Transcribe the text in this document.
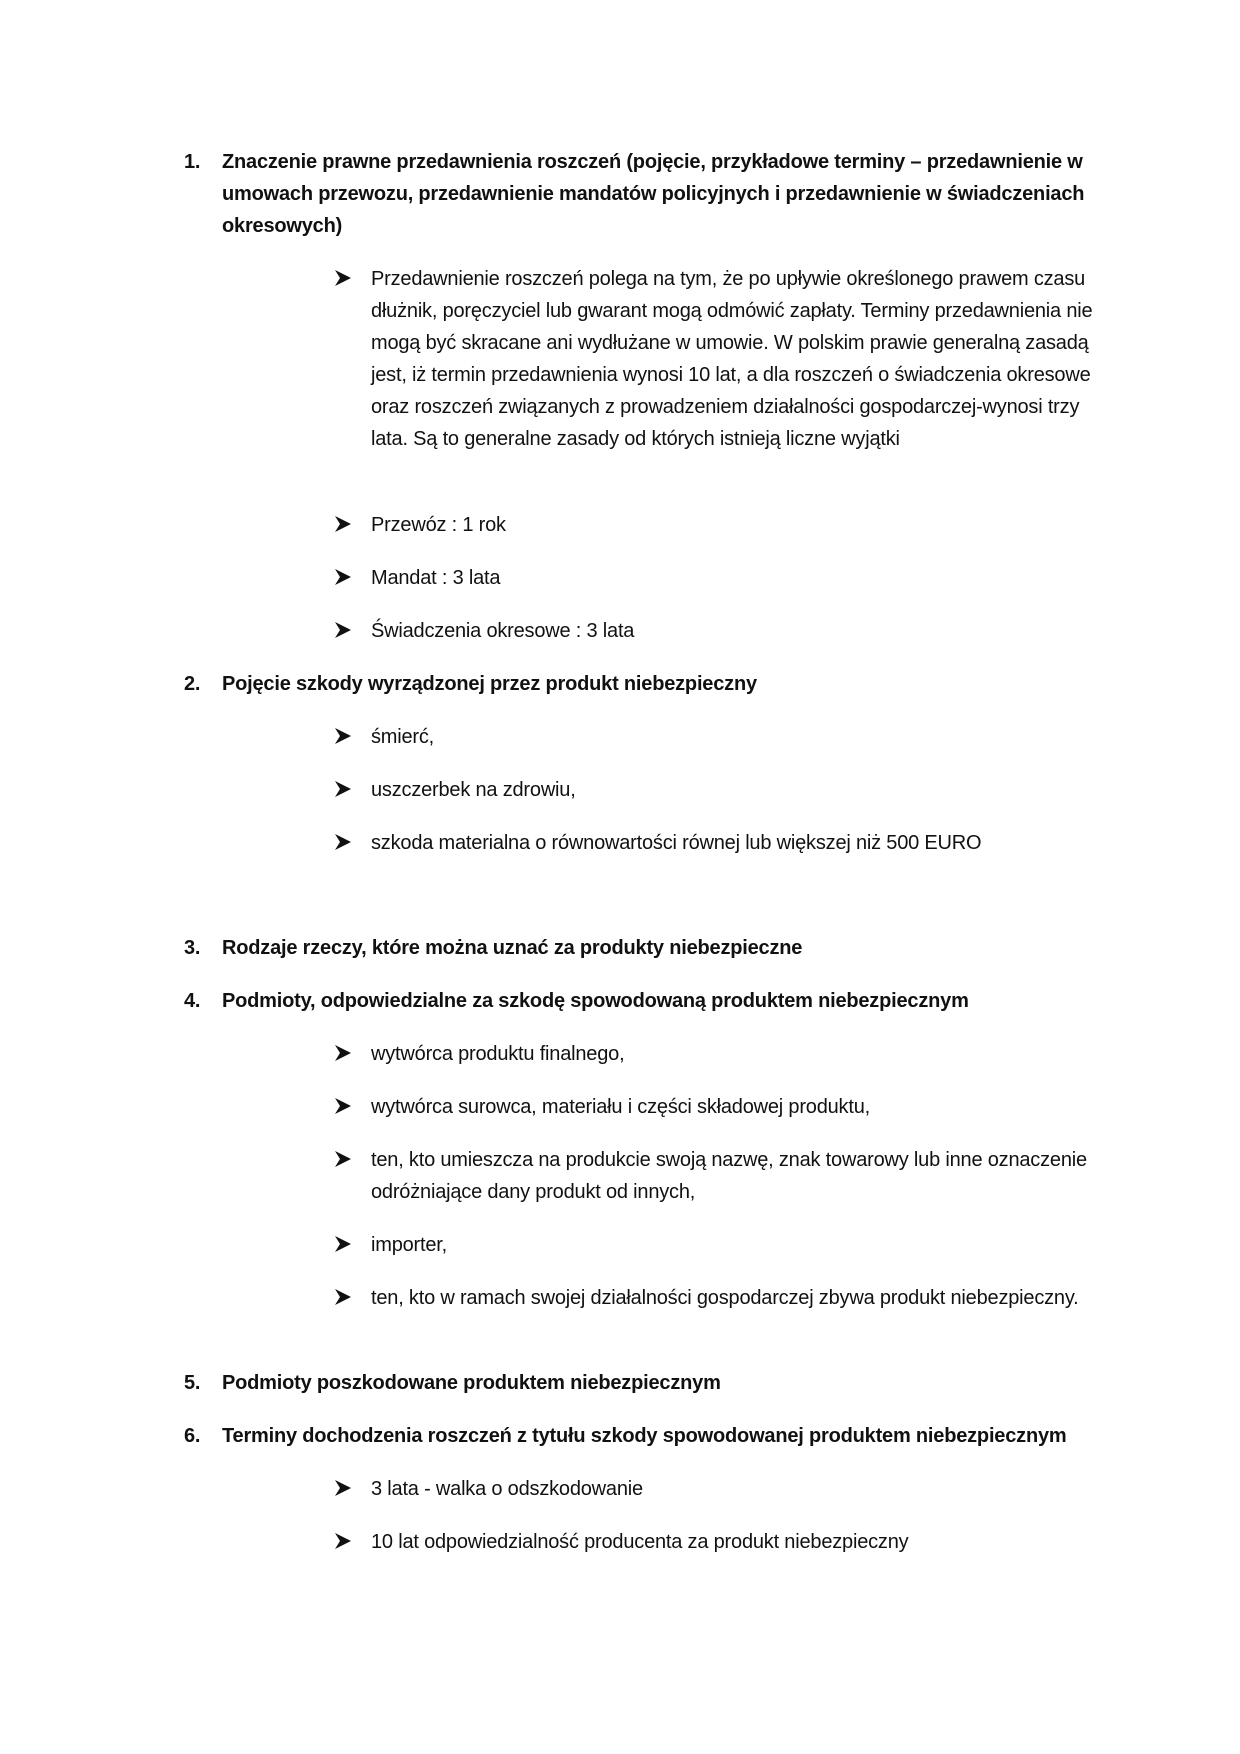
1.	Znaczenie prawne przedawnienia roszczeń (pojęcie, przykładowe terminy – przedawnienie w umowach przewozu, przedawnienie mandatów policyjnych i przedawnienie w świadczeniach okresowych)
Przedawnienie roszczeń polega na tym, że po upływie określonego prawem czasu dłużnik, poręczyciel lub gwarant mogą odmówić zapłaty. Terminy przedawnienia nie mogą być skracane ani wydłużane w umowie. W polskim prawie generalną zasadą jest, iż termin przedawnienia wynosi 10 lat, a dla roszczeń o świadczenia okresowe oraz roszczeń związanych z prowadzeniem działalności gospodarczej-wynosi trzy lata. Są to generalne zasady od których istnieją liczne wyjątki
Przewóz : 1 rok
Mandat : 3 lata
Świadczenia okresowe : 3 lata
2.	Pojęcie szkody wyrządzonej przez produkt niebezpieczny
śmierć,
uszczerbek na zdrowiu,
szkoda materialna o równowartości równej lub większej niż 500 EURO
3.	Rodzaje rzeczy, które można uznać za produkty niebezpieczne
4.	Podmioty, odpowiedzialne za szkodę spowodowaną produktem niebezpiecznym
wytwórca produktu finalnego,
wytwórca surowca, materiału i części składowej produktu,
ten, kto umieszcza na produkcie swoją nazwę, znak towarowy lub inne oznaczenie odróżniające dany produkt od innych,
importer,
ten, kto w ramach swojej działalności gospodarczej zbywa produkt niebezpieczny.
5.	Podmioty poszkodowane produktem niebezpiecznym
6.	Terminy dochodzenia roszczeń z tytułu szkody spowodowanej produktem niebezpiecznym
3 lata - walka o odszkodowanie
10 lat odpowiedzialność producenta za produkt niebezpieczny
